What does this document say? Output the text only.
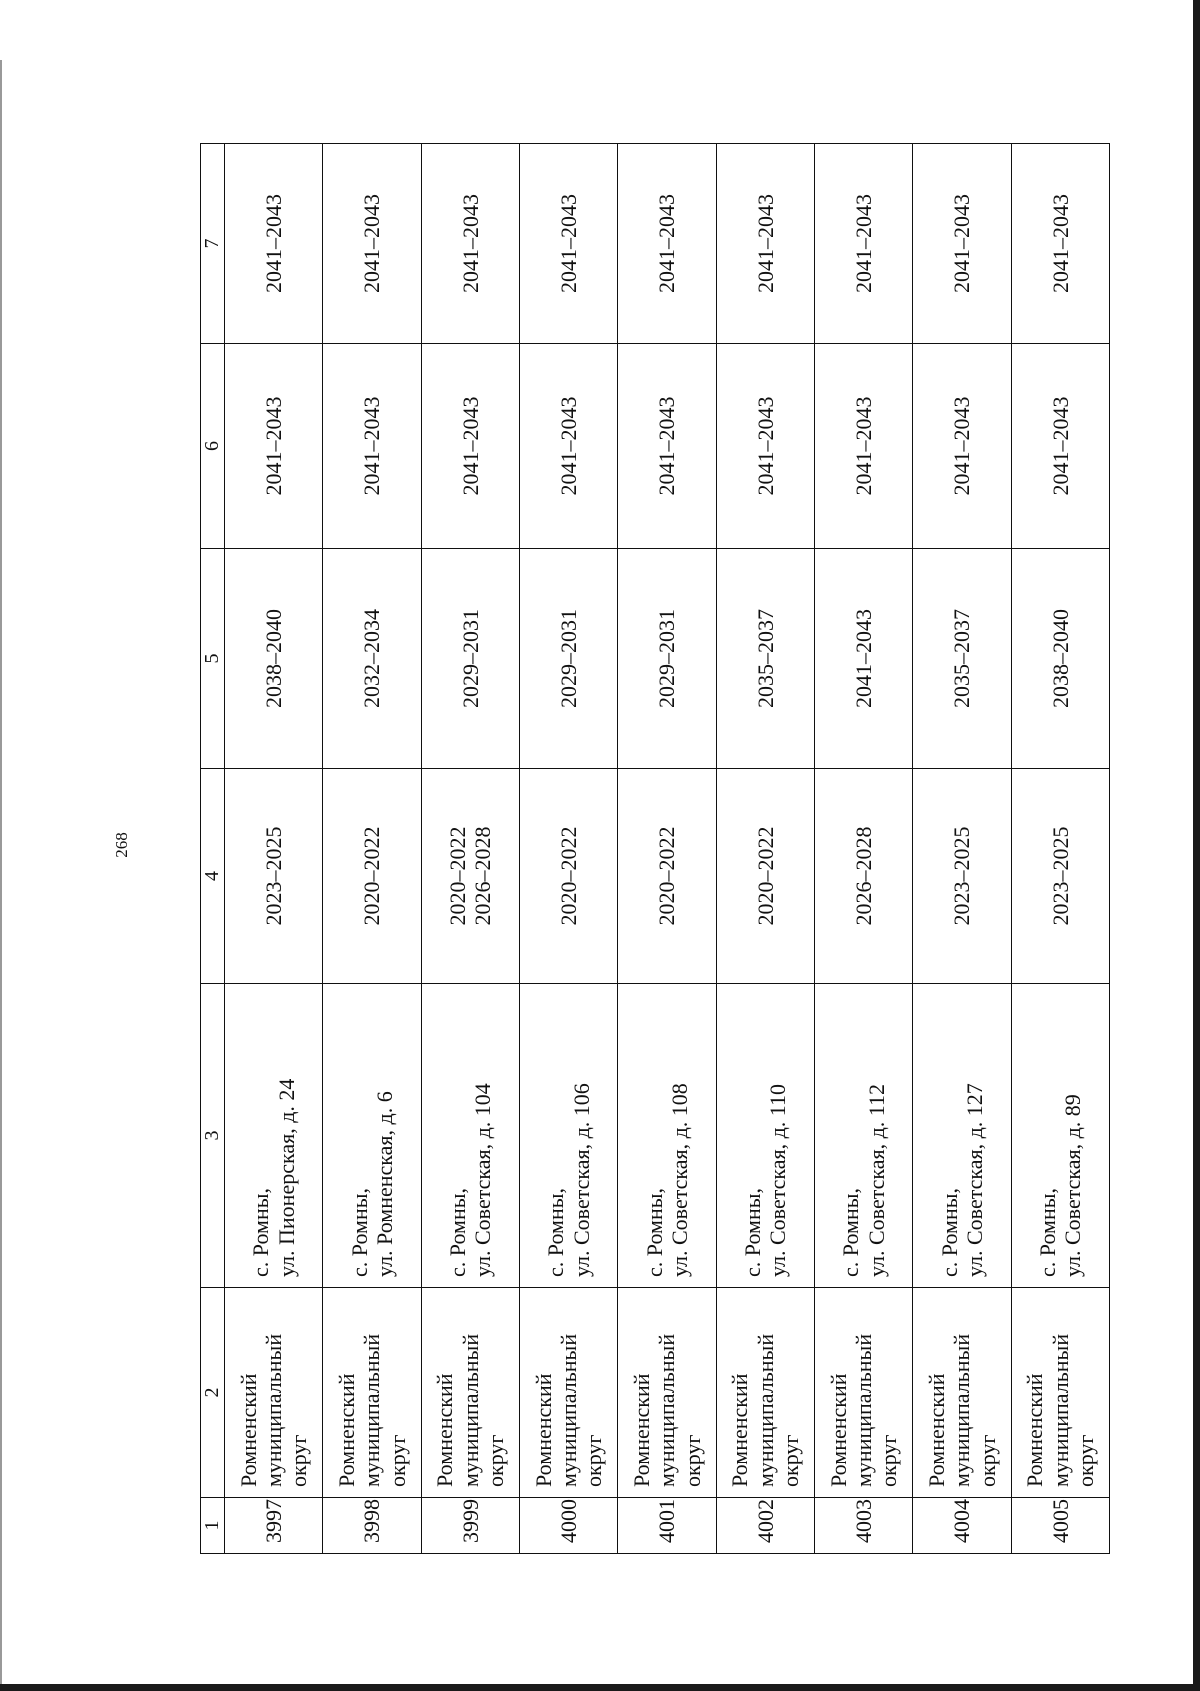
268
1	2	3	4	5	6	7
3997	Ромненский муниципальный округ	с. Ромны, ул. Пионерская, д. 24	2023–2025	2038–2040	2041–2043	2041–2043
3998	Ромненский муниципальный округ	с. Ромны, ул. Ромненская, д. 6	2020–2022	2032–2034	2041–2043	2041–2043
3999	Ромненский муниципальный округ	с. Ромны, ул. Советская, д. 104	2020–2022 2026–2028	2029–2031	2041–2043	2041–2043
4000	Ромненский муниципальный округ	с. Ромны, ул. Советская, д. 106	2020–2022	2029–2031	2041–2043	2041–2043
4001	Ромненский муниципальный округ	с. Ромны, ул. Советская, д. 108	2020–2022	2029–2031	2041–2043	2041–2043
4002	Ромненский муниципальный округ	с. Ромны, ул. Советская, д. 110	2020–2022	2035–2037	2041–2043	2041–2043
4003	Ромненский муниципальный округ	с. Ромны, ул. Советская, д. 112	2026–2028	2041–2043	2041–2043	2041–2043
4004	Ромненский муниципальный округ	с. Ромны, ул. Советская, д. 127	2023–2025	2035–2037	2041–2043	2041–2043
4005	Ромненский муниципальный округ	с. Ромны, ул. Советская, д. 89	2023–2025	2038–2040	2041–2043	2041–2043
